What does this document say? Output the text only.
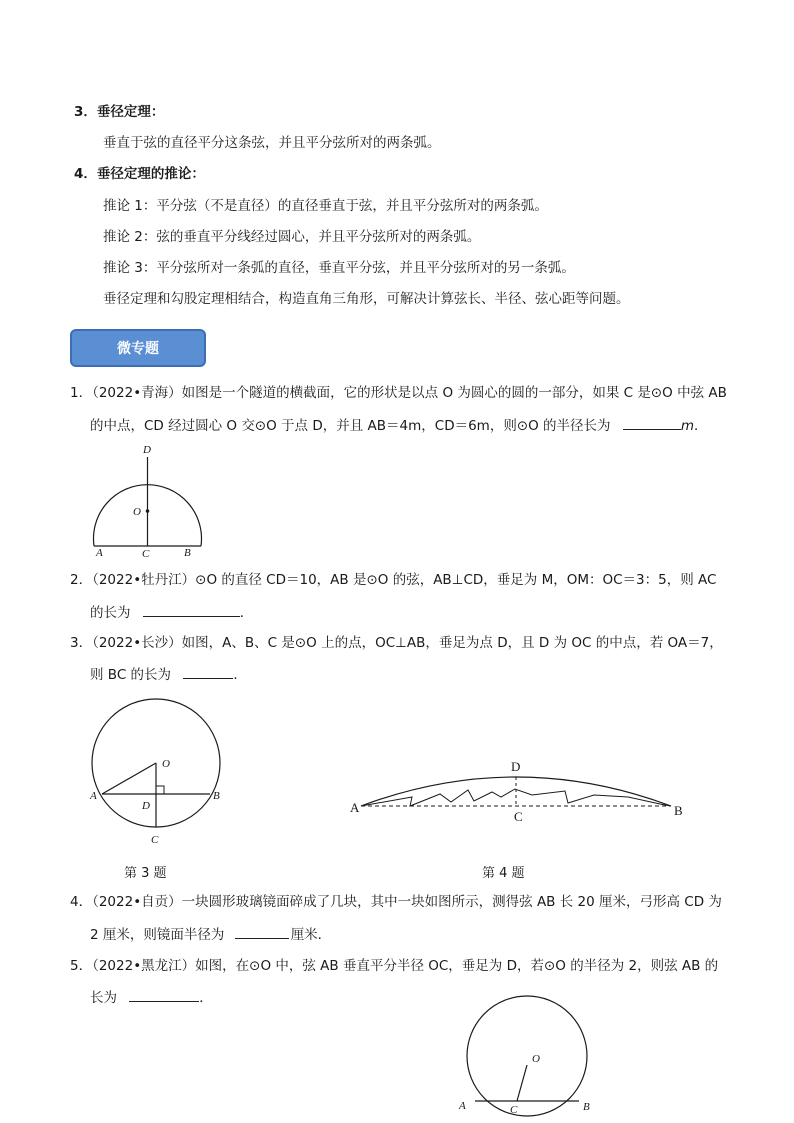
3．垂径定理：
垂直于弦的直径平分这条弦，并且平分弦所对的两条弧。
4．垂径定理的推论：
推论 1：平分弦（不是直径）的直径垂直于弦，并且平分弦所对的两条弧。
推论 2：弦的垂直平分线经过圆心，并且平分弦所对的两条弧。
推论 3：平分弦所对一条弧的直径，垂直平分弦，并且平分弦所对的另一条弧。
垂径定理和勾股定理相结合，构造直角三角形，可解决计算弦长、半径、弦心距等问题。
微专题
1．（2022•青海）如图是一个隧道的横截面，它的形状是以点 O 为圆心的圆的一部分，如果 C 是⊙O 中弦 AB
的中点，CD 经过圆心 O 交⊙O 于点 D，并且 AB＝4m，CD＝6m，则⊙O 的半径长为	m．
D
O
A	C	B
2．（2022•牡丹江）⊙O 的直径 CD＝10，AB 是⊙O 的弦，AB⊥CD，垂足为 M，OM：OC＝3：5，则 AC
的长为	．
3．（2022•长沙）如图，A、B、C 是⊙O 上的点，OC⊥AB，垂足为点 D，且 D 为 OC 的中点，若 OA＝7，
则 BC 的长为	．
O
A	B
D
C
第 3 题
D
A
C	B
第 4 题
4．（2022•自贡）一块圆形玻璃镜面碎成了几块，其中一块如图所示，测得弦 AB 长 20 厘米，弓形高 CD 为
2 厘米，则镜面半径为	厘米．
5．（2022•黑龙江）如图，在⊙O 中，弦 AB 垂直平分半径 OC，垂足为 D，若⊙O 的半径为 2，则弦 AB 的
长为	．
O
A	C	B
